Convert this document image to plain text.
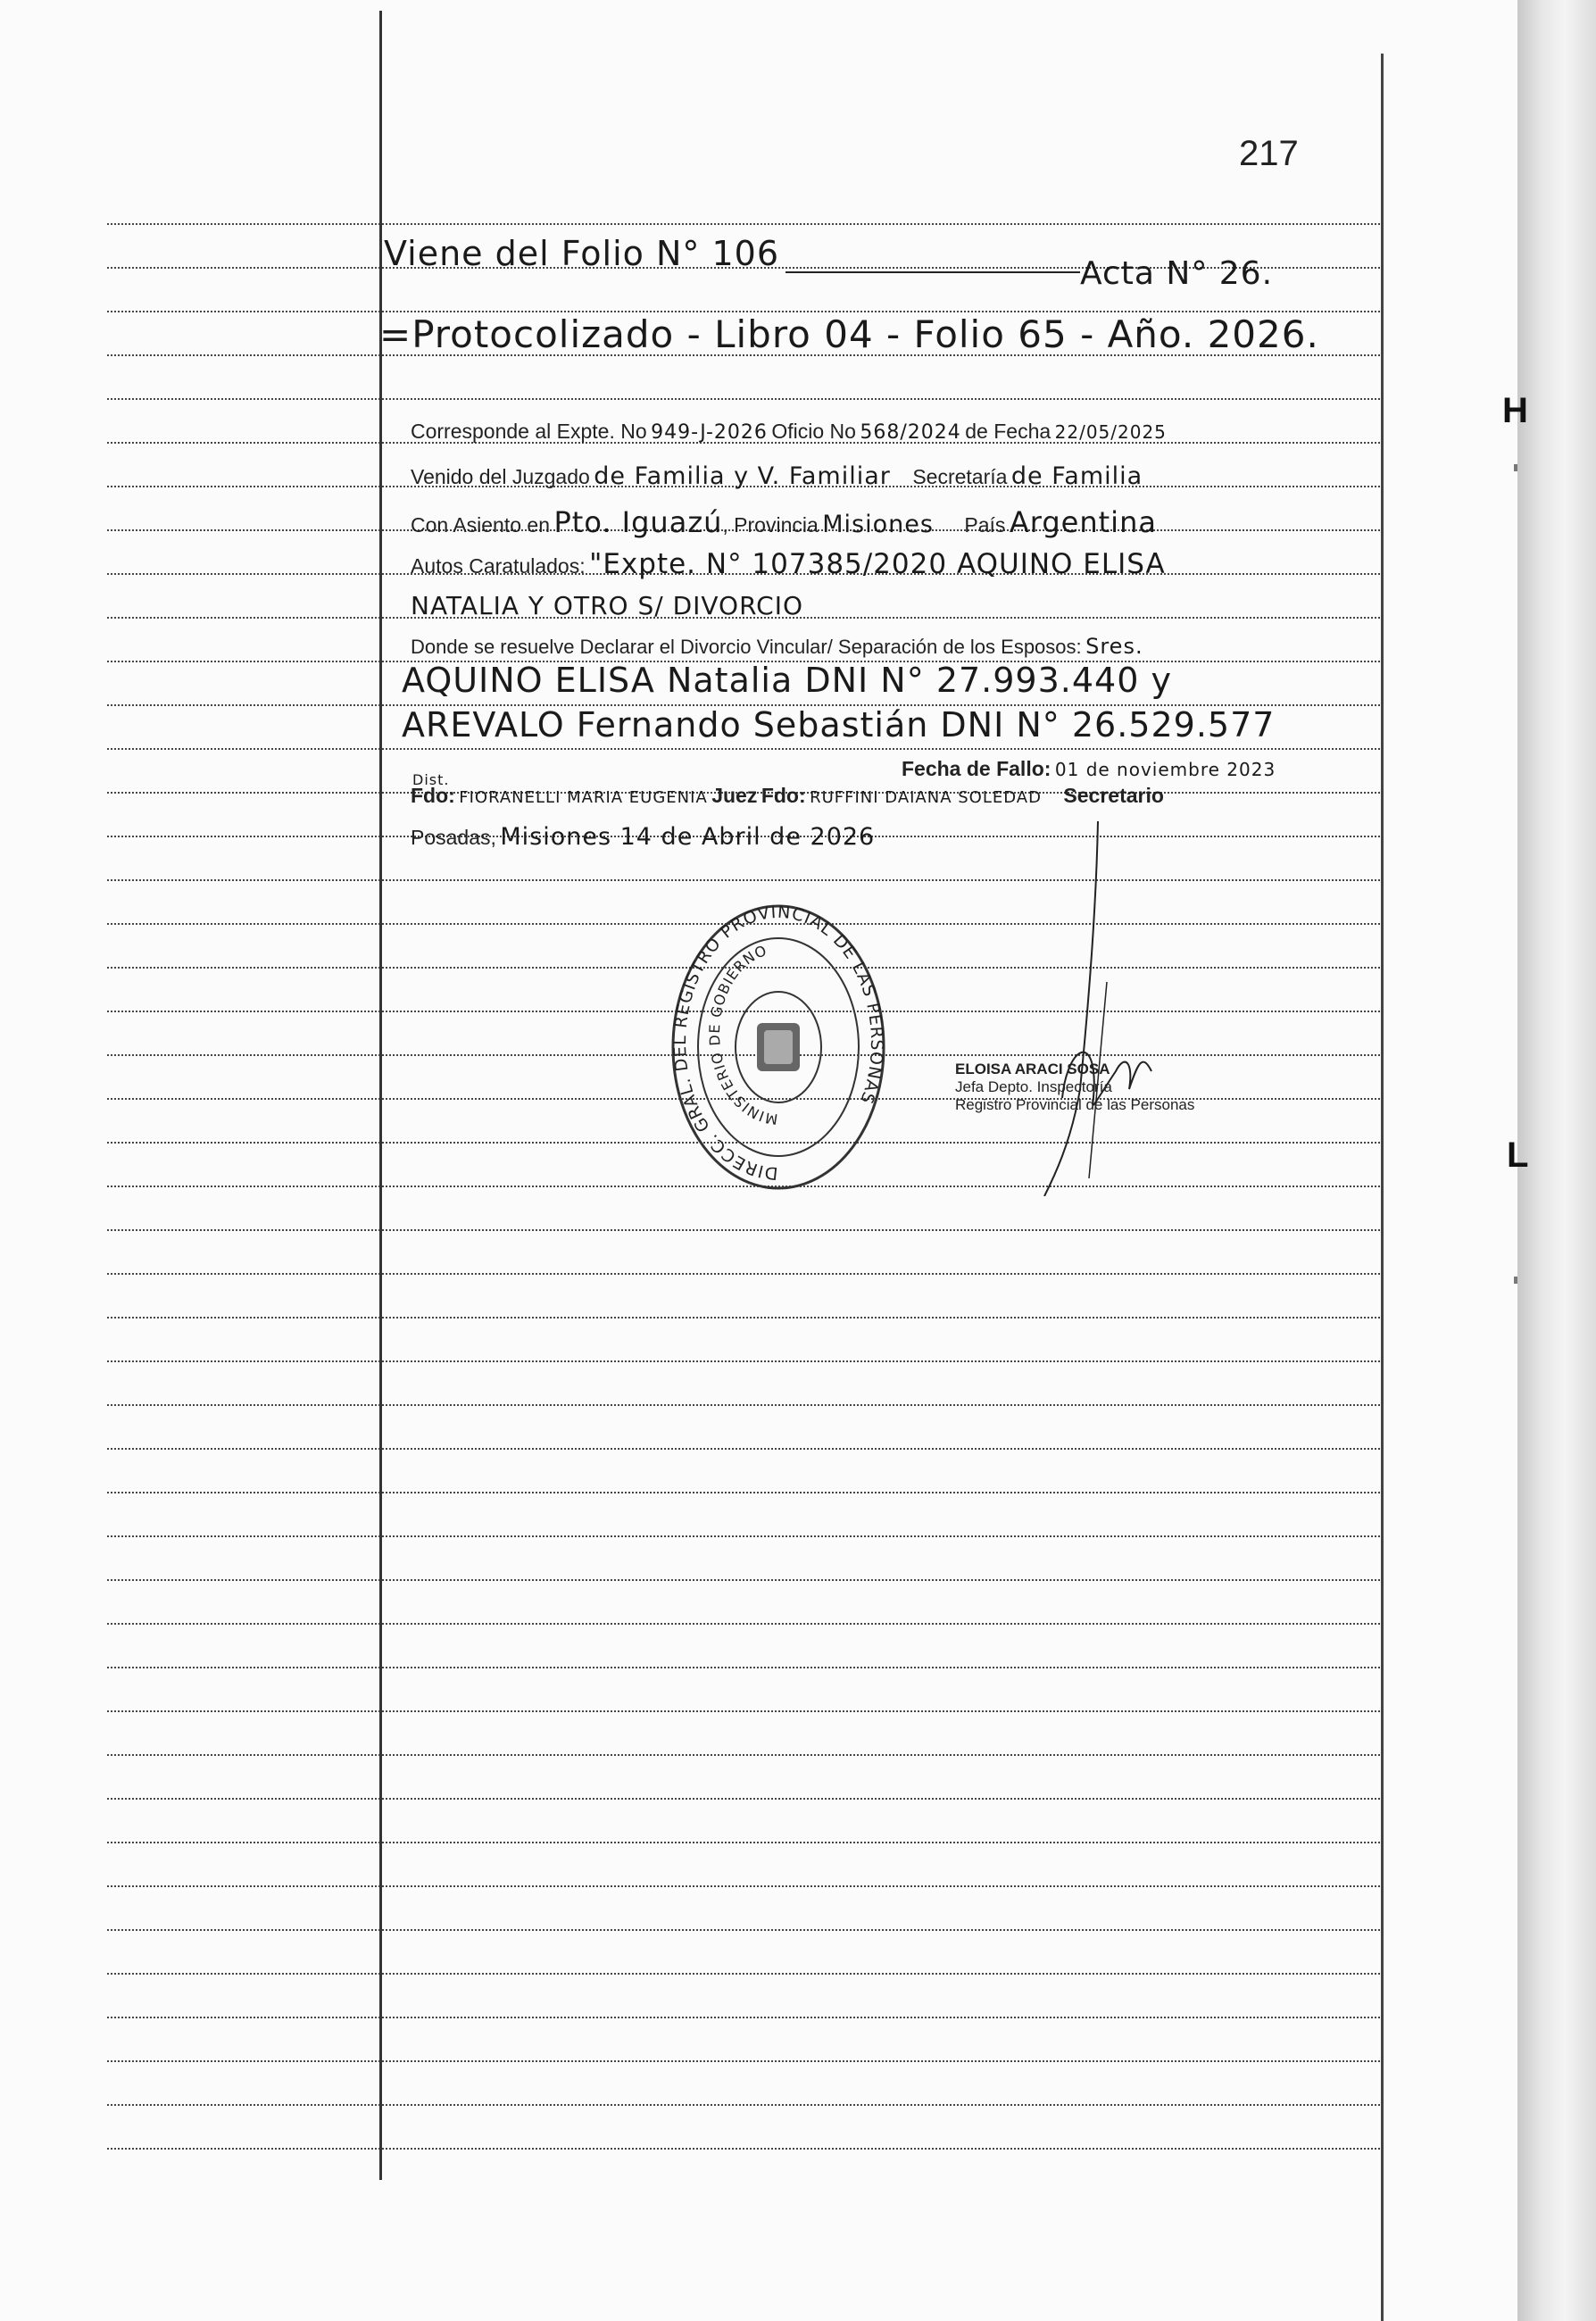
217
Viene del Folio N° 106
Acta N° 26.
=Protocolizado - Libro 04 - Folio 65 - Año. 2026.
Corresponde al Expte. No 949-J-2026 Oficio No 568/2024 de Fecha 22/05/2025
Venido del Juzgado de Familia y V. Familiar Secretaría de Familia
Con Asiento en Pto. Iguazú, Provincia Misiones País Argentina
Autos Caratulados: "Expte. N° 107385/2020 AQUINO ELISA
NATALIA Y OTRO S/ DIVORCIO
Donde se resuelve Declarar el Divorcio Vincular/ Separación de los Esposos: Sres.
AQUINO ELISA Natalia DNI N° 27.993.440 y
AREVALO Fernando Sebastián DNI N° 26.529.577
Fecha de Fallo: 01 de noviembre 2023
Dist.
Fdo: FIORANELLI MARIA EUGENIA Juez Fdo: RUFFINI DAIANA SOLEDAD Secretario
Posadas, Misiones 14 de Abril de 2026
DIRECC. GRAL. DEL REGISTRO PROVINCIAL DE LAS PERSONAS
MINISTERIO DE GOBIERNO
ELOISA ARACI SOSA
Jefa Depto. Inspectoría
Registro Provincial de las Personas
H
L
